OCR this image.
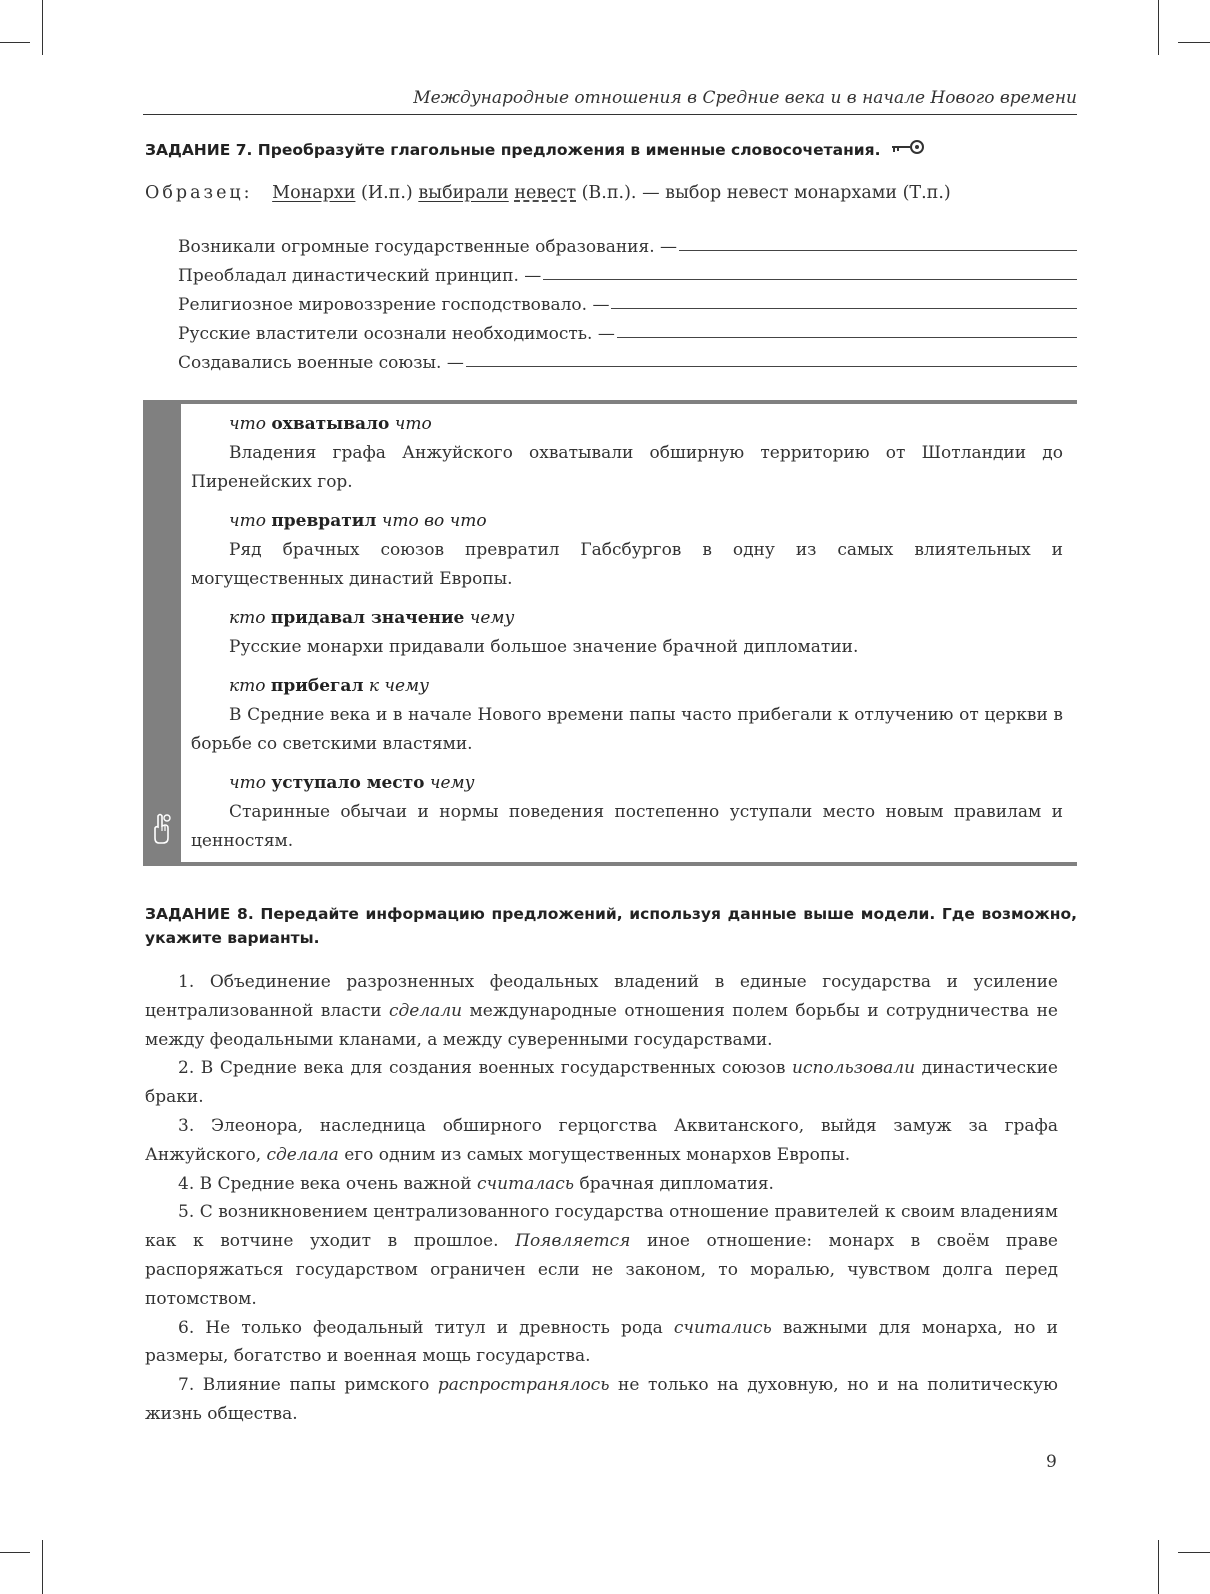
Международные отношения в Средние века и в начале Нового времени
ЗАДАНИЕ 7. Преобразуйте глагольные предложения в именные словосочетания.
Образец: Монархи (И.п.) выбирали невест (В.п.). — выбор невест монархами (Т.п.)
Возникали огромные государственные образования. —
Преобладал династический принцип. —
Религиозное мировоззрение господствовало. —
Русские властители осознали необходимость. —
Создавались военные союзы. —
что охватывало что
Владения графа Анжуйского охватывали обширную территорию от Шотландии до Пиренейских гор.
что превратил что во что
Ряд брачных союзов превратил Габсбургов в одну из самых влиятельных и могущественных династий Европы.
кто придавал значение чему
Русские монархи придавали большое значение брачной дипломатии.
кто прибегал к чему
В Средние века и в начале Нового времени папы часто прибегали к отлучению от церкви в борьбе со светскими властями.
что уступало место чему
Старинные обычаи и нормы поведения постепенно уступали место новым правилам и ценностям.
ЗАДАНИЕ 8. Передайте информацию предложений, используя данные выше модели. Где возможно, укажите варианты.

1. Объединение разрозненных феодальных владений в единые государства и усиление централизованной власти сделали международные отношения полем борьбы и сотрудничества не между феодальными кланами, а между суверенными государствами.

2. В Средние века для создания военных государственных союзов использовали династические браки.

3. Элеонора, наследница обширного герцогства Аквитанского, выйдя замуж за графа Анжуйского, сделала его одним из самых могущественных монархов Европы.

4. В Средние века очень важной считалась брачная дипломатия.

5. С возникновением централизованного государства отношение правителей к своим владениям как к вотчине уходит в прошлое. Появляется иное отношение: монарх в своём праве распоряжаться государством ограничен если не законом, то моралью, чувством долга перед потомством.

6. Не только феодальный титул и древность рода считались важными для монарха, но и размеры, богатство и военная мощь государства.

7. Влияние папы римского распространялось не только на духовную, но и на политическую жизнь общества.

9
